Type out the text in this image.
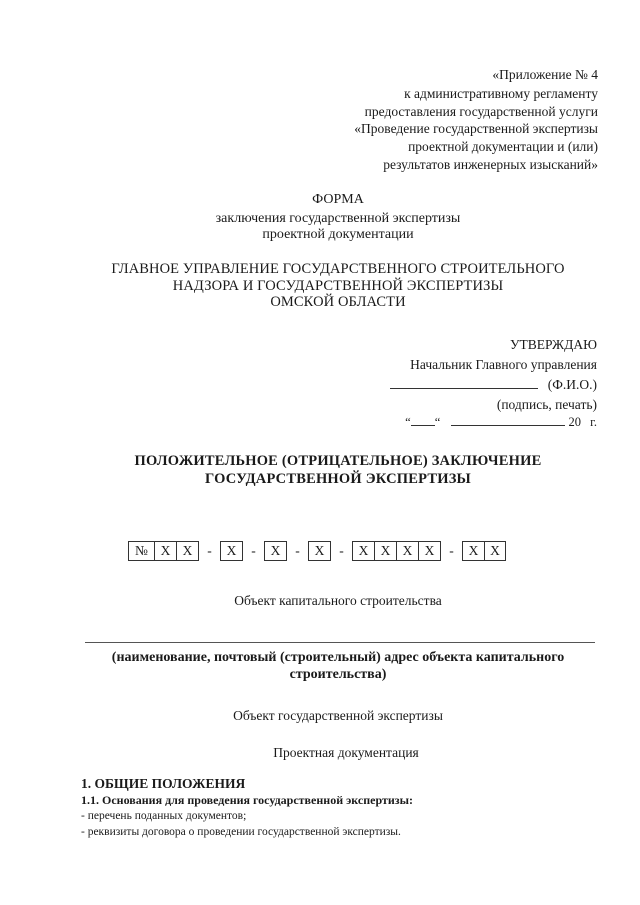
«Приложение № 4
к административному регламенту
предоставления государственной услуги
«Проведение государственной экспертизы
проектной документации и (или)
результатов инженерных изысканий»
ФОРМА
заключения государственной экспертизы
проектной документации
ГЛАВНОЕ УПРАВЛЕНИЕ ГОСУДАРСТВЕННОГО СТРОИТЕЛЬНОГО
НАДЗОРА И ГОСУДАРСТВЕННОЙ ЭКСПЕРТИЗЫ
ОМСКОЙ ОБЛАСТИ
УТВЕРЖДАЮ
Начальник Главного управления
(Ф.И.О.)
(подпись, печать)
“ “	20 г.
ПОЛОЖИТЕЛЬНОЕ (ОТРИЦАТЕЛЬНОЕ) ЗАКЛЮЧЕНИЕ
ГОСУДАРСТВЕННОЙ ЭКСПЕРТИЗЫ
№ X X	-	X	-	X	-	X	-	X X X X	-	X X
Объект капитального строительства
(наименование, почтовый (строительный) адрес объекта капитального
строительства)
Объект государственной экспертизы
Проектная документация
1. ОБЩИЕ ПОЛОЖЕНИЯ
1.1. Основания для проведения государственной экспертизы:
- перечень поданных документов;
- реквизиты договора о проведении государственной экспертизы.
